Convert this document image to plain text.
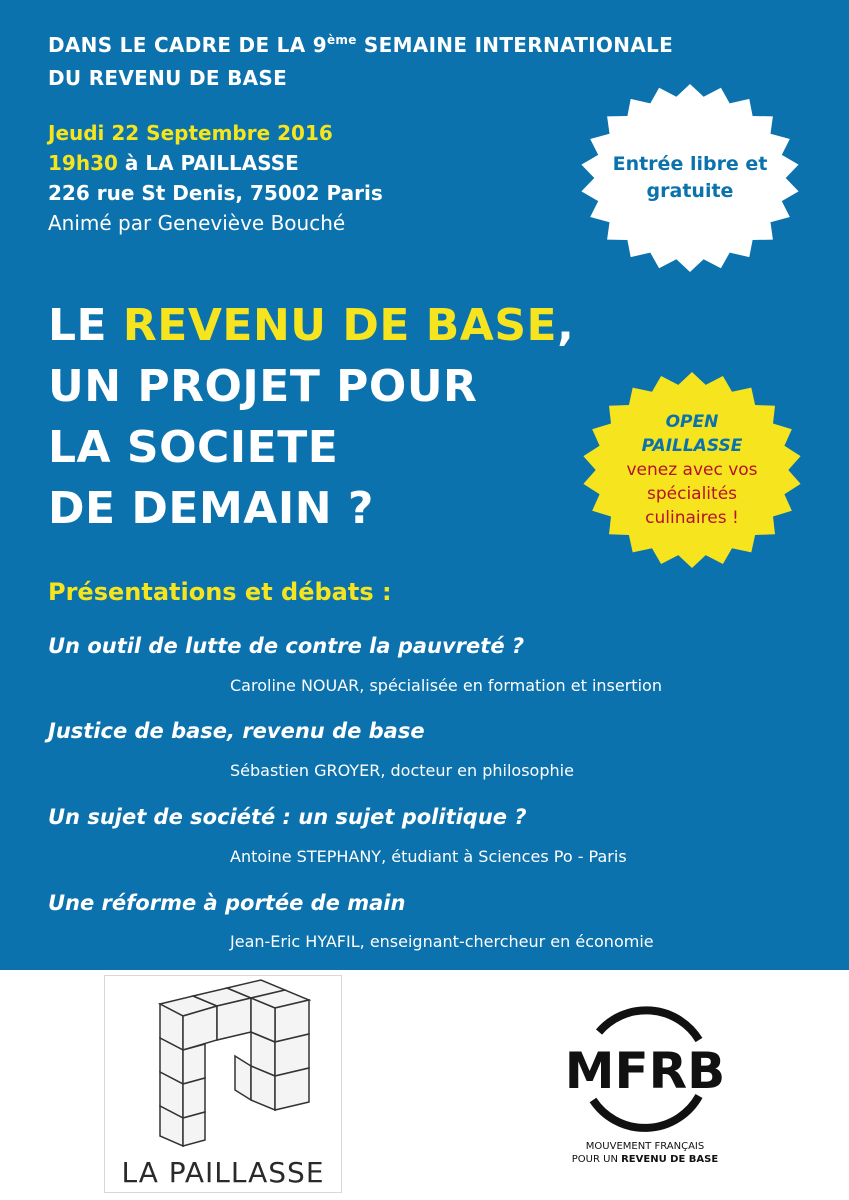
DANS LE CADRE DE LA 9ème SEMAINE INTERNATIONALE
DU REVENU DE BASE
Jeudi 22 Septembre 2016
19h30 à LA PAILLASSE
226 rue St Denis, 75002 Paris
Animé par Geneviève Bouché
Entrée libre et
gratuite
LE REVENU DE BASE,
UN PROJET POUR
LA SOCIETE
DE DEMAIN ?
OPEN
PAILLASSE
venez avec vos
spécialités
culinaires !
Présentations et débats :
Un outil de lutte de contre la pauvreté ?
Caroline NOUAR, spécialisée en formation et insertion
Justice de base, revenu de base
Sébastien GROYER, docteur en philosophie
Un sujet de société : un sujet politique ?
Antoine STEPHANY, étudiant à Sciences Po - Paris
Une réforme à portée de main
Jean-Eric HYAFIL, enseignant-chercheur en économie
LA PAILLASSE
MFRB
MOUVEMENT FRANÇAIS
POUR UN REVENU DE BASE
